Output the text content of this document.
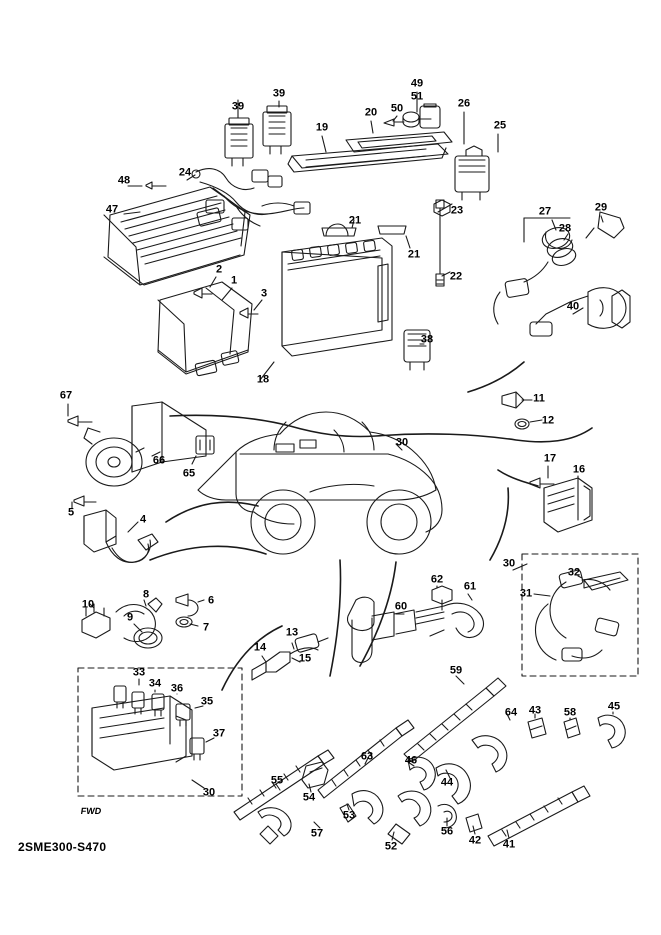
39
39
49
19
20 50
51
26
25
24
48
47
21
21
23	27	29
28
22
40
2
1
3
18
38
11
12
67
66
65
30
17
16
5
4
30
32
31
10
8
9
6
7
62
61
60
13
14
15
33
34 36
35
37
59
64 43 58	45
63	46
44
55
54
30
57
53
52
56
42 41
2SME300-S470
FWD
